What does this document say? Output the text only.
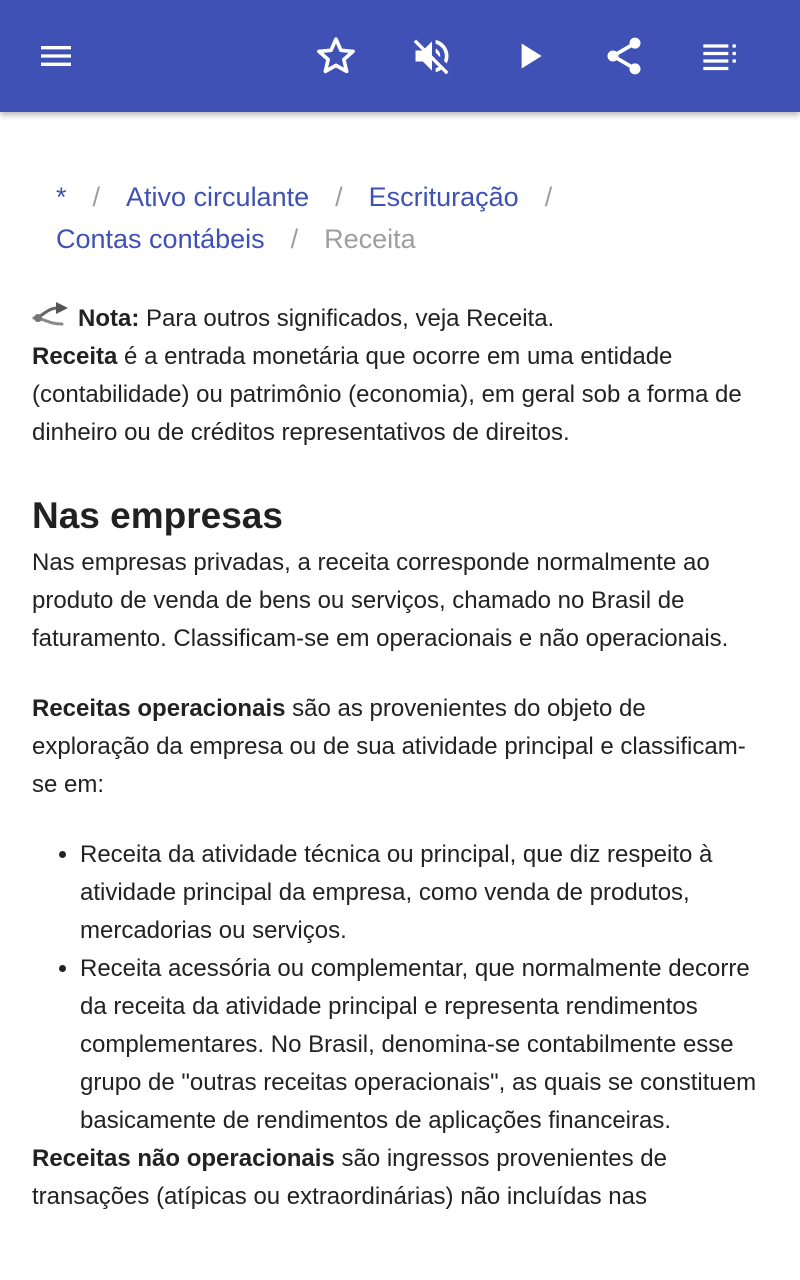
* / Ativo circulante / Escrituração /
Contas contábeis / Receita
Nota: Para outros significados, veja Receita.

Receita é a entrada monetária que ocorre em uma entidade (contabilidade) ou patrimônio (economia), em geral sob a forma de dinheiro ou de créditos representativos de direitos.

Nas empresas

Nas empresas privadas, a receita corresponde normalmente ao produto de venda de bens ou serviços, chamado no Brasil de faturamento. Classificam-se em operacionais e não operacionais.

Receitas operacionais são as provenientes do objeto de exploração da empresa ou de sua atividade principal e classificam-se em:

• Receita da atividade técnica ou principal, que diz respeito à atividade principal da empresa, como venda de produtos, mercadorias ou serviços.
• Receita acessória ou complementar, que normalmente decorre da receita da atividade principal e representa rendimentos complementares. No Brasil, denomina-se contabilmente esse grupo de "outras receitas operacionais", as quais se constituem basicamente de rendimentos de aplicações financeiras.

Receitas não operacionais são ingressos provenientes de transações (atípicas ou extraordinárias) não incluídas nas
